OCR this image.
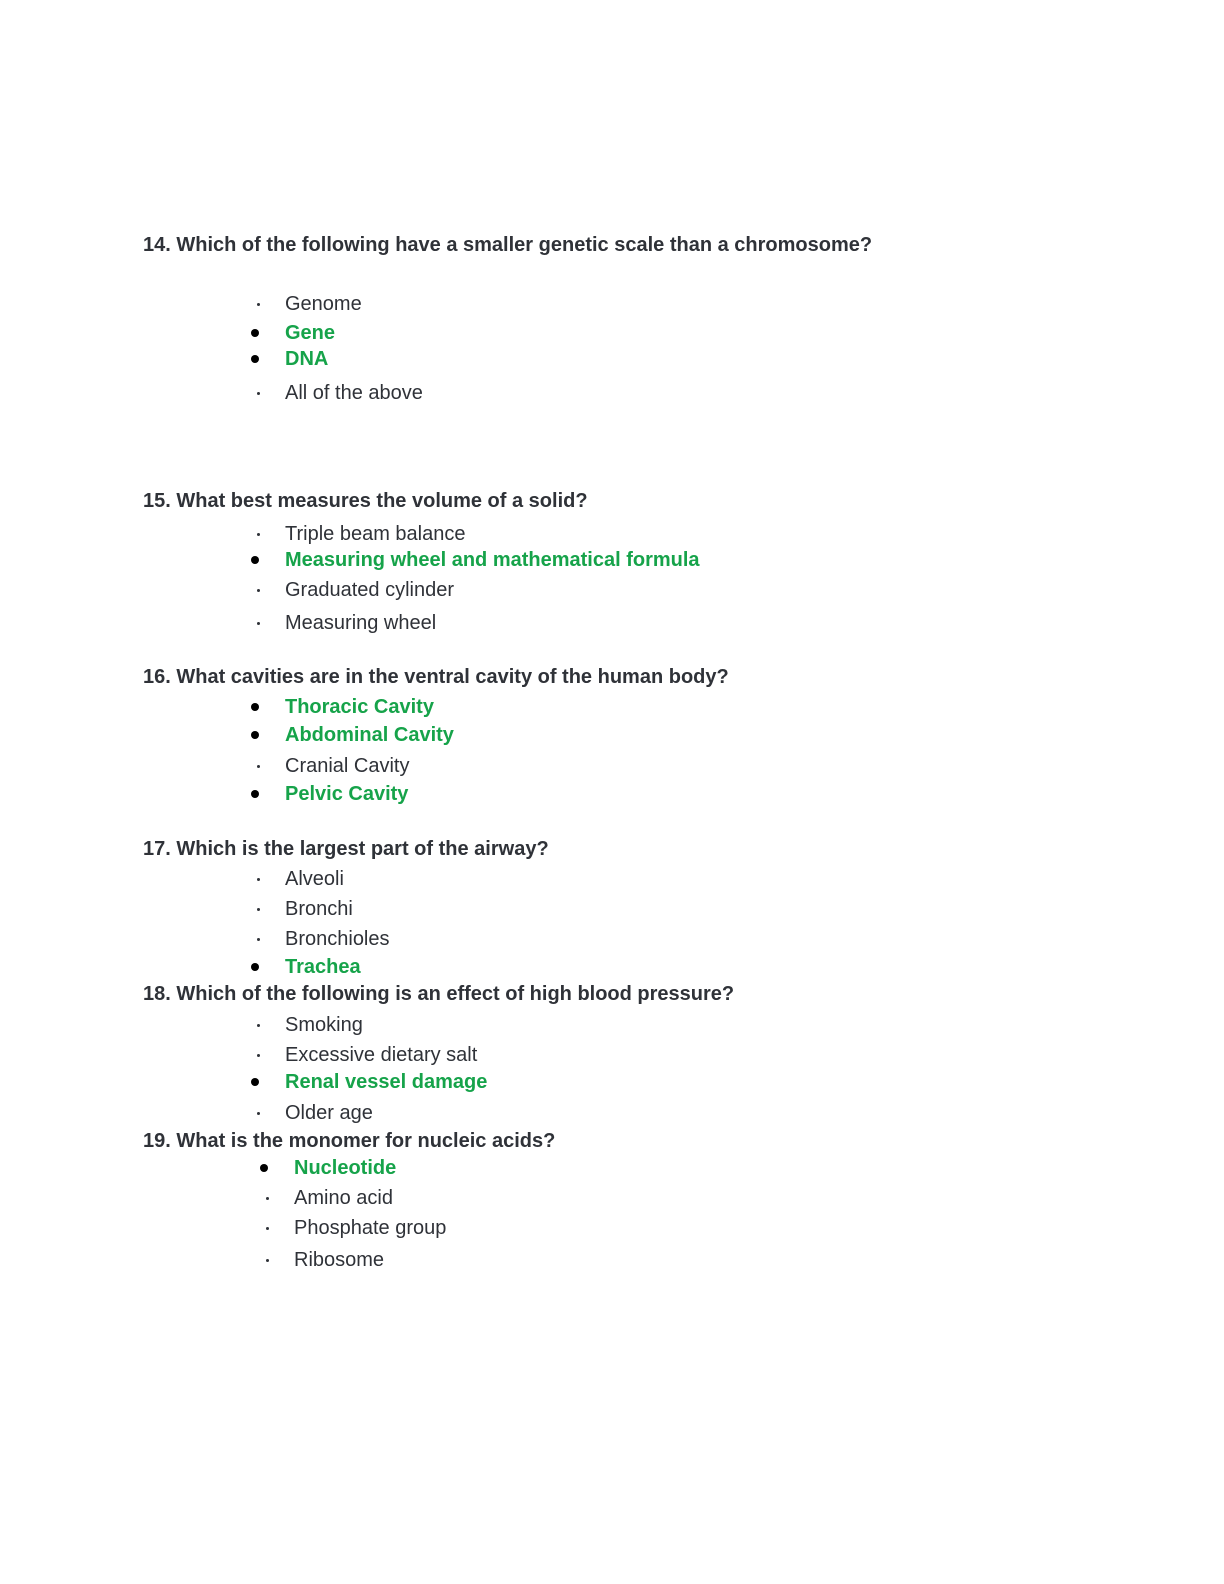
14. Which of the following have a smaller genetic scale than a chromosome?
Genome
Gene
DNA
All of the above
15. What best measures the volume of a solid?
Triple beam balance
Measuring wheel and mathematical formula
Graduated cylinder
Measuring wheel
16. What cavities are in the ventral cavity of the human body?
Thoracic Cavity
Abdominal Cavity
Cranial Cavity
Pelvic Cavity
17. Which is the largest part of the airway?
Alveoli
Bronchi
Bronchioles
Trachea
18. Which of the following is an effect of high blood pressure?
Smoking
Excessive dietary salt
Renal vessel damage
Older age
19. What is the monomer for nucleic acids?
Nucleotide
Amino acid
Phosphate group
Ribosome
